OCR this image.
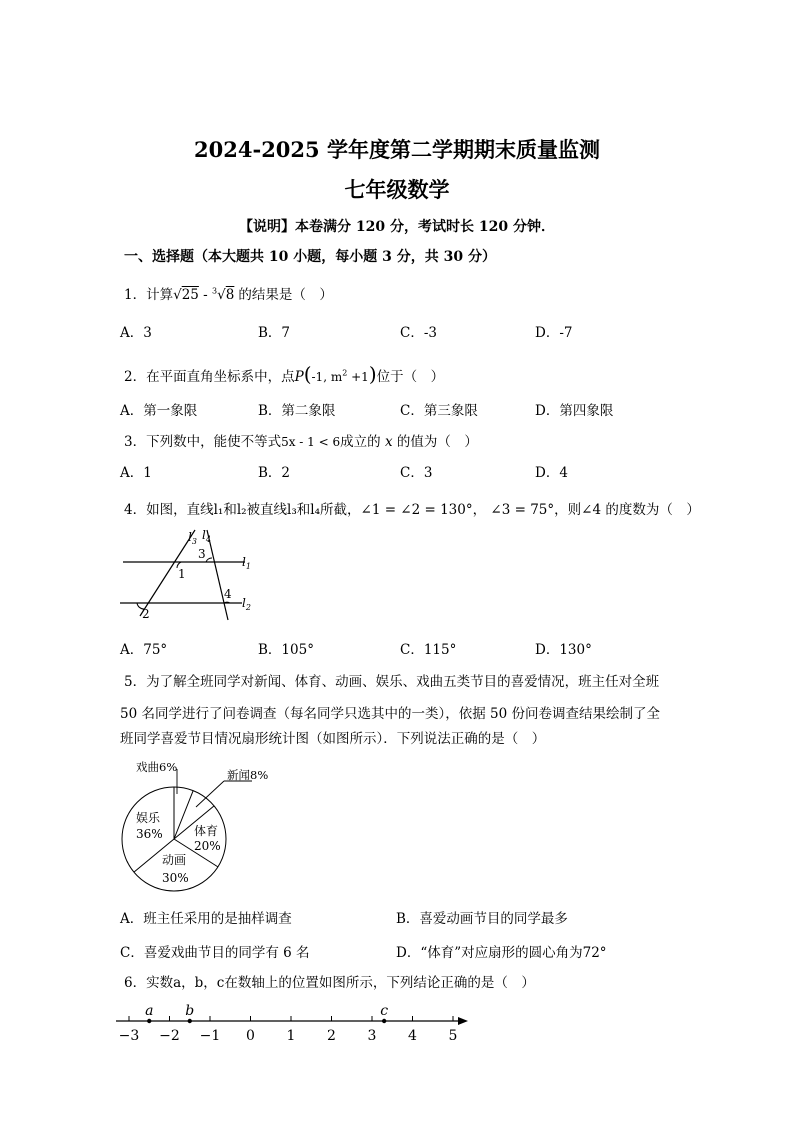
2024-2025 学年度第二学期期末质量监测
七年级数学
【说明】本卷满分 120 分，考试时长 120 分钟．
一、选择题（本大题共 10 小题，每小题 3 分，共 30 分）
1．计算√25 - $^3$√8 的结果是（　）
A．3	B．7	C．-3	D．-7
2．在平面直角坐标系中，点P(-1, $m^2 +1$)位于（　）
A．第一象限	B．第二象限	C．第三象限	D．第四象限
3．下列数中，能使不等式5x - 1 < 6成立的 x 的值为（　）
A．1	B．2	C．3	D．4
4．如图，直线l₁和l₂被直线l₃和l₄所截，∠1 = ∠2 = 130°， ∠3 = 75°，则∠4 的度数为（　）
$l_3$ $l_4$
$l_1$
$l_2$
1
2
3
4
A．75°	B．105°	C．115°	D．130°
5．为了解全班同学对新闻、体育、动画、娱乐、戏曲五类节目的喜爱情况，班主任对全班
50 名同学进行了问卷调查（每名同学只选其中的一类），依据 50 份问卷调查结果绘制了全
班同学喜爱节目情况扇形统计图（如图所示）．下列说法正确的是（　）
戏曲6%
新闻8%
体育
20%
动画
30%
娱乐
36%
A．班主任采用的是抽样调查	B．喜爱动画节目的同学最多
C．喜爱戏曲节目的同学有 6 名	D．“体育”对应扇形的圆心角为72°
6．实数a，b，c在数轴上的位置如图所示，下列结论正确的是（　）
−3 −2 −1 0 1 2 3 4 5
a b	c
